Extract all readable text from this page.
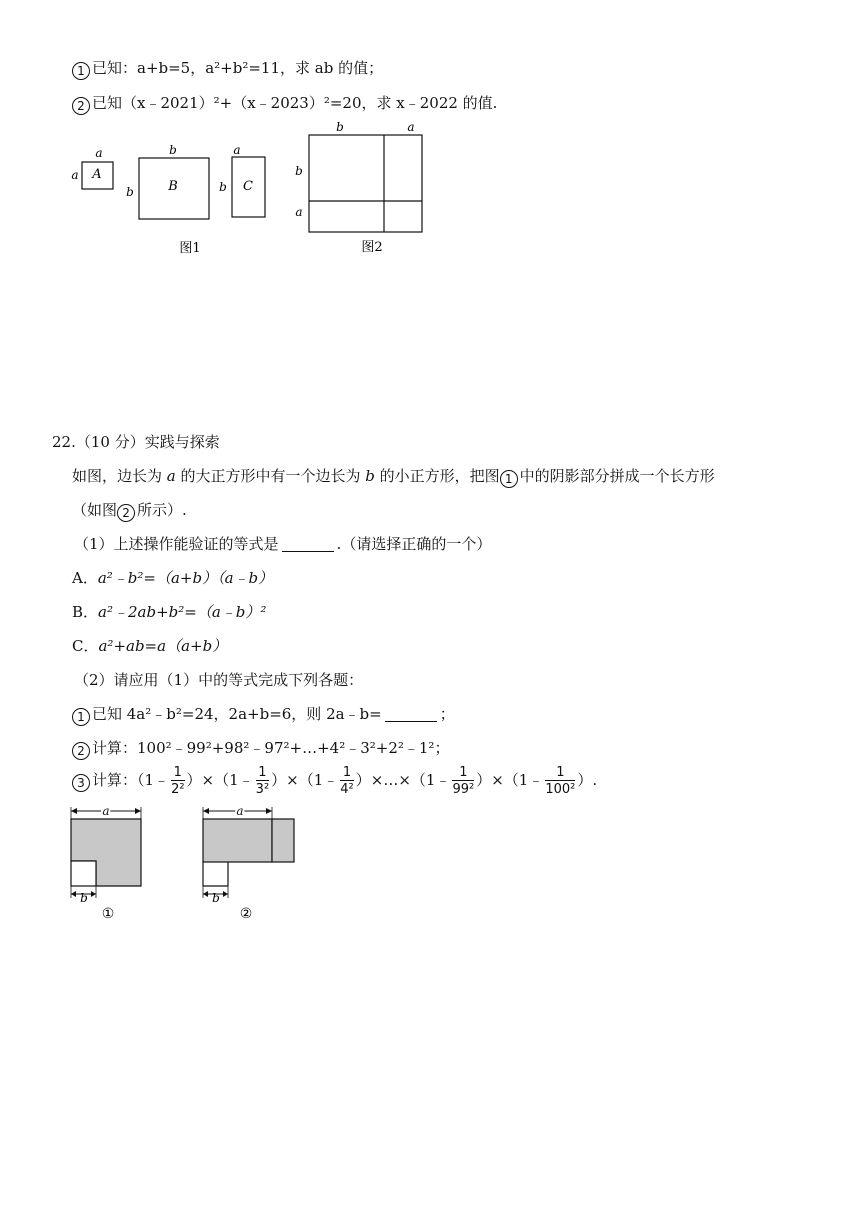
1 已知：a+b=5，a²+b²=11，求 ab 的值；
2 已知（x﹣2021）²+（x﹣2023）²=20，求 x﹣2022 的值.
A
a
a
B
b
b	C
a
b
图1
b	a
b
a
图2
22.（10 分）实践与探索
如图，边长为 a 的大正方形中有一个边长为 b 的小正方形，把图 1 中的阴影部分拼成一个长方形
（如图 2 所示）.
（1）上述操作能验证的等式是	.（请选择正确的一个）
A．a²﹣b²=（a+b）（a﹣b）
B．a²﹣2ab+b²=（a﹣b）²
C．a²+ab=a（a+b）
（2）请应用（1）中的等式完成下列各题：
1 已知 4a²﹣b²=24，2a+b=6，则 2a﹣b=	；
2 计算：100²﹣99²+98²﹣97²+…+4²﹣3²+2²﹣1²；
3 计算：（1﹣ $\frac{1}{\text{2²}}$ ）×（1﹣ $\frac{1}{\text{3²}}$ ）×（1﹣ $\frac{1}{\text{4²}}$ ）×…×（1﹣ $\frac{1}{\text{99²}}$ ）×（1﹣ $\frac{1}{\text{100²}}$ ）.
a
b
①
a
b
②
